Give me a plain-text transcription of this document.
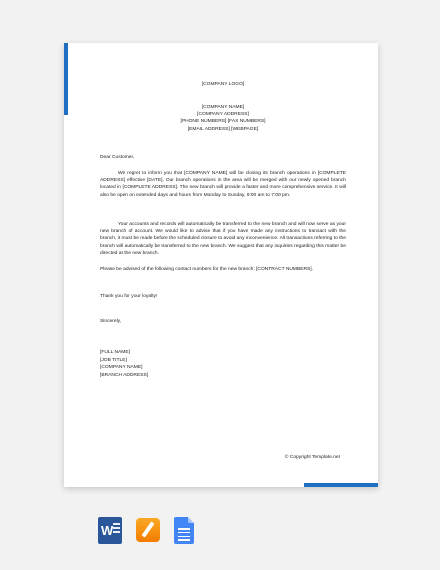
[COMPANY LOGO]
[COMPANY NAME]
[COMPANY ADDRESS]
[PHONE NUMBERS] [FAX NUMBERS]
[EMAIL ADDRESS] [WEBPAGE]
Dear Customer,
We regret to inform you that [COMPANY NAME] will be closing its branch operations in [COMPLETE ADDRESS] effective [DATE]. Our branch operations in the area will be merged with our newly opened branch located in [COMPLETE ADDRESS]. The new branch will provide a faster and more comprehensive service. It will also be open on extended days and hours from Monday to Sunday, 9:00 am to 7:00 pm.
Your accounts and records will automatically be transferred to the new branch and will now serve as your new branch of account. We would like to advise that if you have made any instructions to transact with the branch, it must be made before the scheduled closure to avoid any inconvenience. All transactions referring to the branch will automatically be transferred to the new branch. We suggest that any inquiries regarding this matter be directed at the new branch.
Please be advised of the following contact numbers for the new branch: [CONTRACT NUMBERS].
Thank you for your loyalty!
Sincerely,
[FULL NAME]
[JOB TITLE]
[COMPANY NAME]
[BRANCH ADDRESS]
© Copyright Template.net
W
